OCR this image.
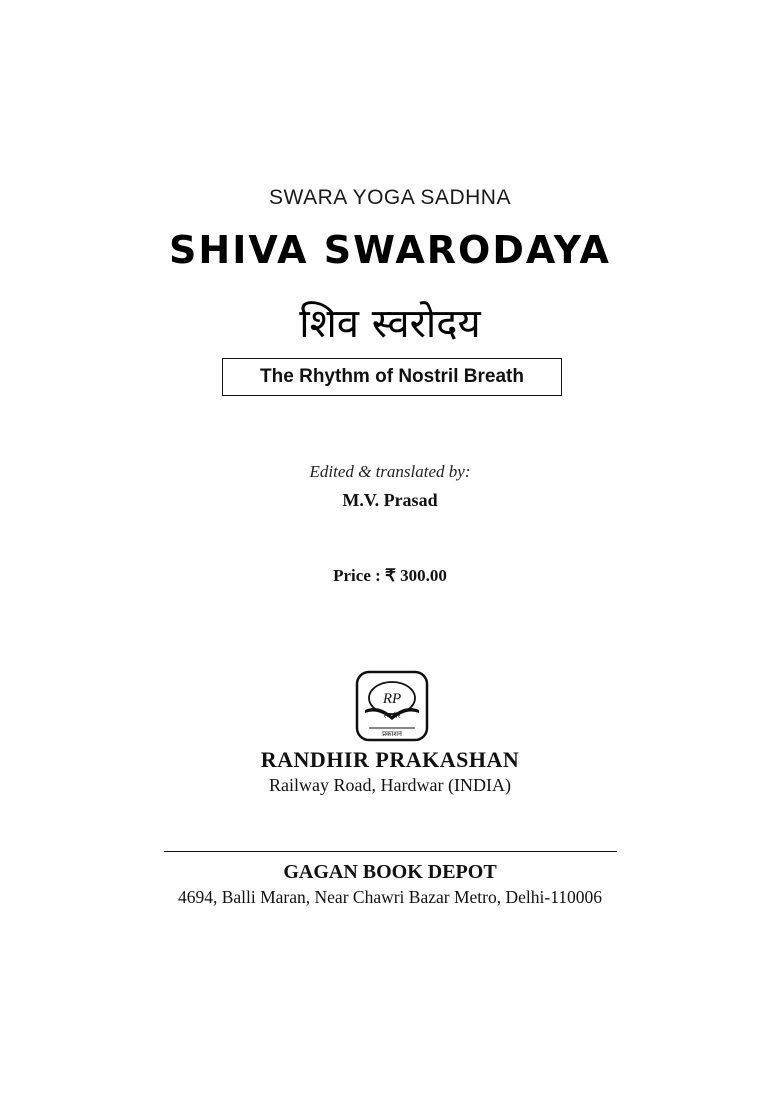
SWARA YOGA SADHNA
SHIVA SWARODAYA
शिव स्वरोदय
The Rhythm of Nostril Breath
Edited & translated by:
M.V. Prasad
Price : ₹ 300.00
RP
रणधीर
प्रकाशन
RANDHIR PRAKASHAN
Railway Road, Hardwar (INDIA)
GAGAN BOOK DEPOT
4694, Balli Maran, Near Chawri Bazar Metro, Delhi-110006
